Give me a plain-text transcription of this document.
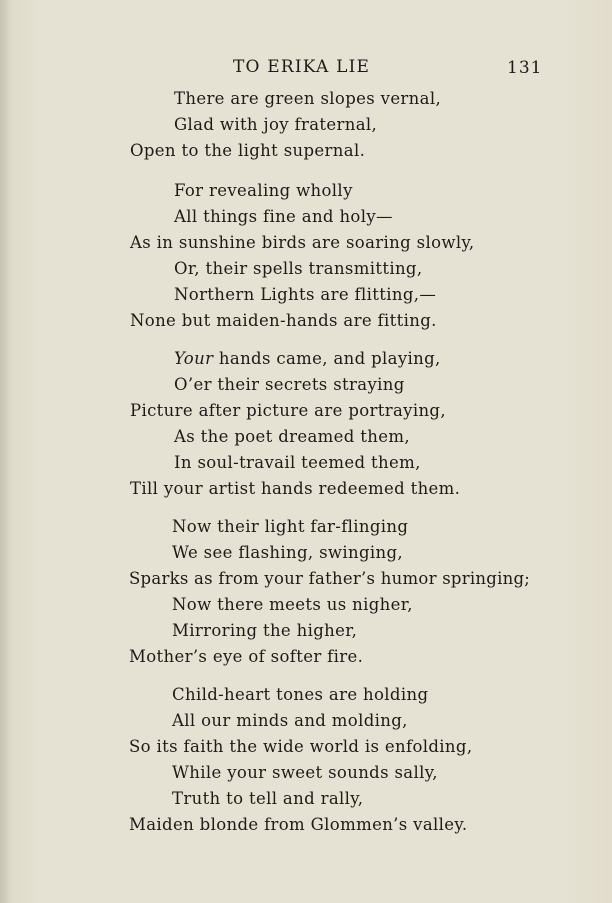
TO ERIKA LIE	131
There are green slopes vernal,
Glad with joy fraternal,
Open to the light supernal.
For revealing wholly
All things fine and holy—
As in sunshine birds are soaring slowly,
Or, their spells transmitting,
Northern Lights are flitting,—
None but maiden-hands are fitting.
Your hands came, and playing,
O’er their secrets straying
Picture after picture are portraying,
As the poet dreamed them,
In soul-travail teemed them,
Till your artist hands redeemed them.
Now their light far-flinging
We see flashing, swinging,
Sparks as from your father’s humor springing;
Now there meets us nigher,
Mirroring the higher,
Mother’s eye of softer fire.
Child-heart tones are holding
All our minds and molding,
So its faith the wide world is enfolding,
While your sweet sounds sally,
Truth to tell and rally,
Maiden blonde from Glommen’s valley.
